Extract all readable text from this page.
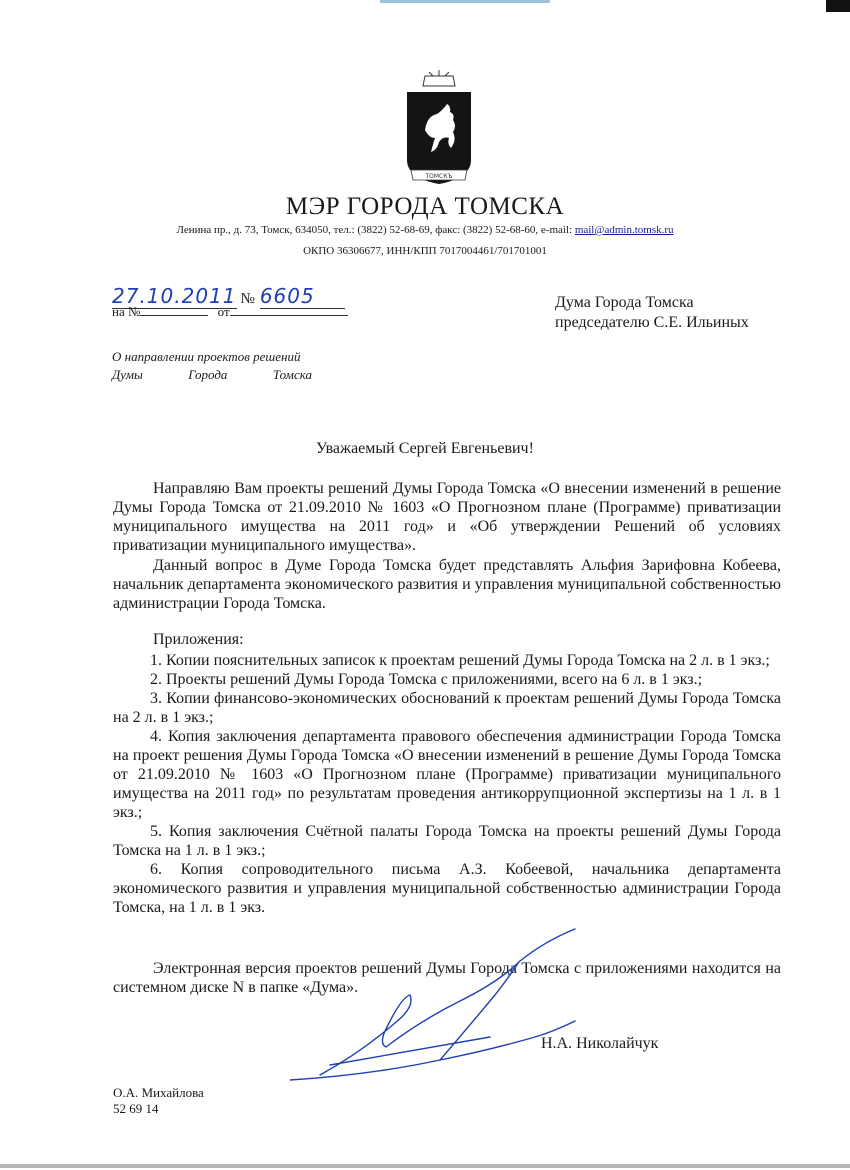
ТОМСКЪ
МЭР ГОРОДА ТОМСКА
Ленина пр., д. 73, Томск, 634050, тел.: (3822) 52-68-69, факс: (3822) 52-68-60, e-mail: mail@admin.tomsk.ru
ОКПО 36306677, ИНН/КПП 7017004461/701701001
27.10.2011 № 6605
на №	от
Дума Города Томска
председателю С.Е. Ильиных
О направлении проектов решений
Думы	Города	Томска
Уважаемый Сергей Евгеньевич!
Направляю Вам проекты решений Думы Города Томска «О внесении изменений в решение Думы Города Томска от 21.09.2010 № 1603 «О Прогнозном плане (Программе) приватизации муниципального имущества на 2011 год» и «Об утверждении Решений об условиях приватизации муниципального имущества».
Данный вопрос в Думе Города Томска будет представлять Альфия Зарифовна Кобеева, начальник департамента экономического развития и управления муниципальной собственностью администрации Города Томска.
Приложения:

1. Копии пояснительных записок к проектам решений Думы Города Томска на 2 л. в 1 экз.;

2. Проекты решений Думы Города Томска с приложениями, всего на 6 л. в 1 экз.;

3. Копии финансово-экономических обоснований к проектам решений Думы Города Томска на 2 л. в 1 экз.;

4. Копия заключения департамента правового обеспечения администрации Города Томска на проект решения Думы Города Томска «О внесении изменений в решение Думы Города Томска от 21.09.2010 № 1603 «О Прогнозном плане (Программе) приватизации муниципального имущества на 2011 год» по результатам проведения антикоррупционной экспертизы на 1 л. в 1 экз.;

5. Копия заключения Счётной палаты Города Томска на проекты решений Думы Города Томска на 1 л. в 1 экз.;

6. Копия сопроводительного письма А.З. Кобеевой, начальника департамента экономического развития и управления муниципальной собственностью администрации Города Томска, на 1 л. в 1 экз.

Электронная версия проектов решений Думы Города Томска с приложениями находится на системном диске N в папке «Дума».
Н.А. Николайчук
О.А. Михайлова
52 69 14
